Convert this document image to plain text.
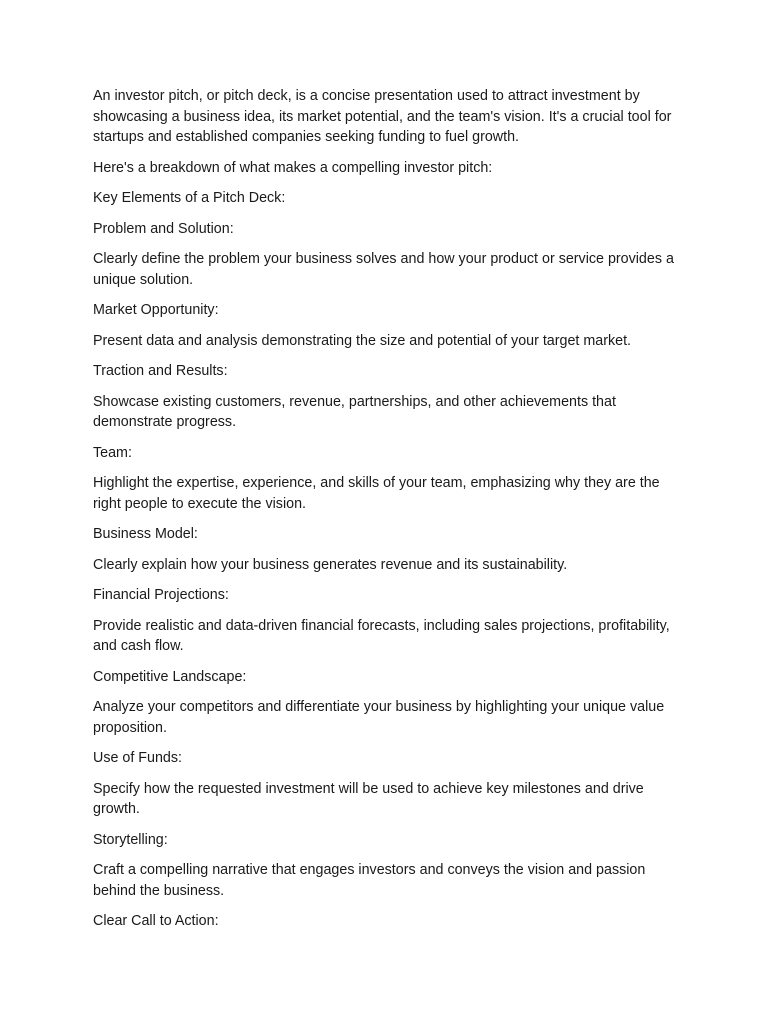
An investor pitch, or pitch deck, is a concise presentation used to attract investment by showcasing a business idea, its market potential, and the team's vision. It's a crucial tool for startups and established companies seeking funding to fuel growth.

Here's a breakdown of what makes a compelling investor pitch:

Key Elements of a Pitch Deck:

Problem and Solution:

Clearly define the problem your business solves and how your product or service provides a unique solution.

Market Opportunity:

Present data and analysis demonstrating the size and potential of your target market.

Traction and Results:

Showcase existing customers, revenue, partnerships, and other achievements that demonstrate progress.

Team:

Highlight the expertise, experience, and skills of your team, emphasizing why they are the right people to execute the vision.

Business Model:

Clearly explain how your business generates revenue and its sustainability.

Financial Projections:

Provide realistic and data-driven financial forecasts, including sales projections, profitability, and cash flow.

Competitive Landscape:

Analyze your competitors and differentiate your business by highlighting your unique value proposition.

Use of Funds:

Specify how the requested investment will be used to achieve key milestones and drive growth.

Storytelling:

Craft a compelling narrative that engages investors and conveys the vision and passion behind the business.

Clear Call to Action:
